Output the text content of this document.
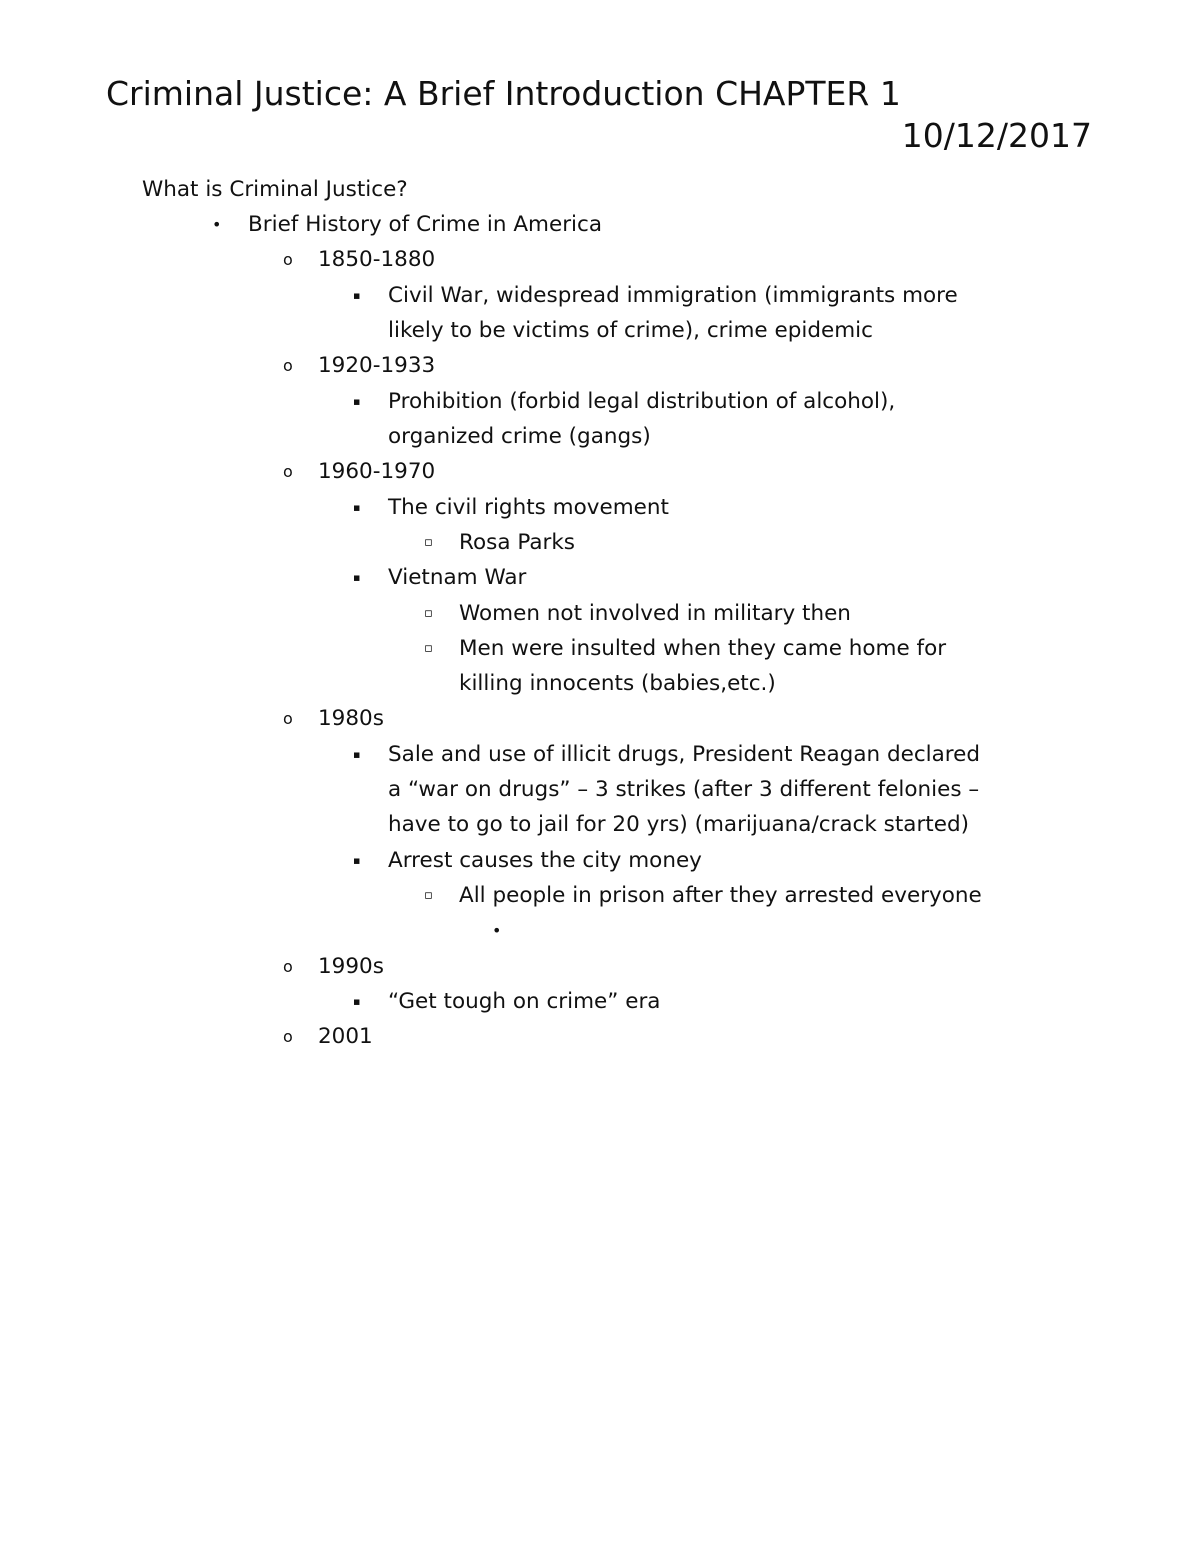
Criminal Justice: A Brief Introduction CHAPTER 1
10/12/2017
What is Criminal Justice?
• Brief History of Crime in America
o 1850-1880
▪ Civil War, widespread immigration (immigrants more
likely to be victims of crime), crime epidemic
o 1920-1933
▪ Prohibition (forbid legal distribution of alcohol),
organized crime (gangs)
o 1960-1970
▪ The civil rights movement
▫ Rosa Parks
▪ Vietnam War
▫ Women not involved in military then
▫ Men were insulted when they came home for
killing innocents (babies,etc.)
o 1980s
▪ Sale and use of illicit drugs, President Reagan declared
a “war on drugs” – 3 strikes (after 3 different felonies –
have to go to jail for 20 yrs) (marijuana/crack started)
▪ Arrest causes the city money
▫ All people in prison after they arrested everyone
•
o 1990s
▪ “Get tough on crime” era
o 2001
